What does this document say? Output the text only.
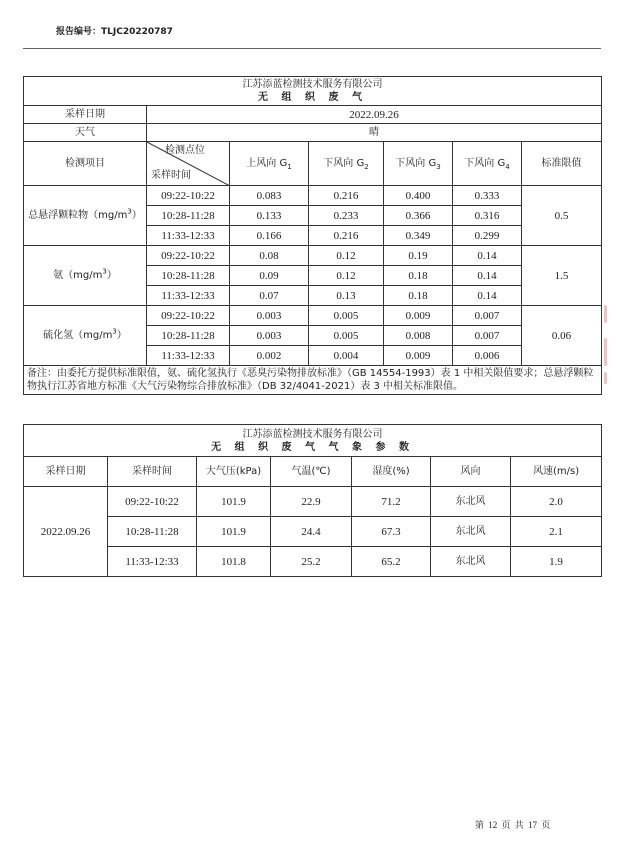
报告编号：TLJC20220787
江苏添蓝检测技术服务有限公司
无 组 织 废 气						

采样日期	2022.09.26					
天气	晴					
检测项目	检测点位
采样时间	上风向 $G_1$	下风向 $G_2$	下风向 $G_3$	下风向 $G_4$	标准限值
总悬浮颗粒物$(mg/m^3)$	09:22-10:22	0.083	0.216	0.400	0.333	0.5
	10:28-11:28	0.133	0.233	0.366	0.316	
	11:33-12:33	0.166	0.216	0.349	0.299	
氨$(mg/m^3)$	09:22-10:22	0.08	0.12	0.19	0.14	1.5
	10:28-11:28	0.09	0.12	0.18	0.14	
	11:33-12:33	0.07	0.13	0.18	0.14	
硫化氢$(mg/m^3)$	09:22-10:22	0.003	0.005	0.009	0.007	0.06
	10:28-11:28	0.003	0.005	0.008	0.007	
	11:33-12:33	0.002	0.004	0.009	0.006	
备注：由委托方提供标准限值，氨、硫化氢执行《恶臭污染物排放标准》（GB 14554-1993）表 1 中相关限值要求；总悬浮颗粒物执行江苏省地方标准《大气污染物综合排放标准》（DB 32/4041-2021）表 3 中相关标准限值。						
江苏添蓝检测技术服务有限公司
无 组 织 废 气 气 象 参 数						

采样日期	采样时间	大气压(kPa)	气温(℃)	湿度(%)	风向	风速(m/s)
2022.09.26	09:22-10:22	101.9	22.9	71.2	东北风	2.0
	10:28-11:28	101.9	24.4	67.3	东北风	2.1
	11:33-12:33	101.8	25.2	65.2	东北风	1.9
第 12 页 共 17 页
